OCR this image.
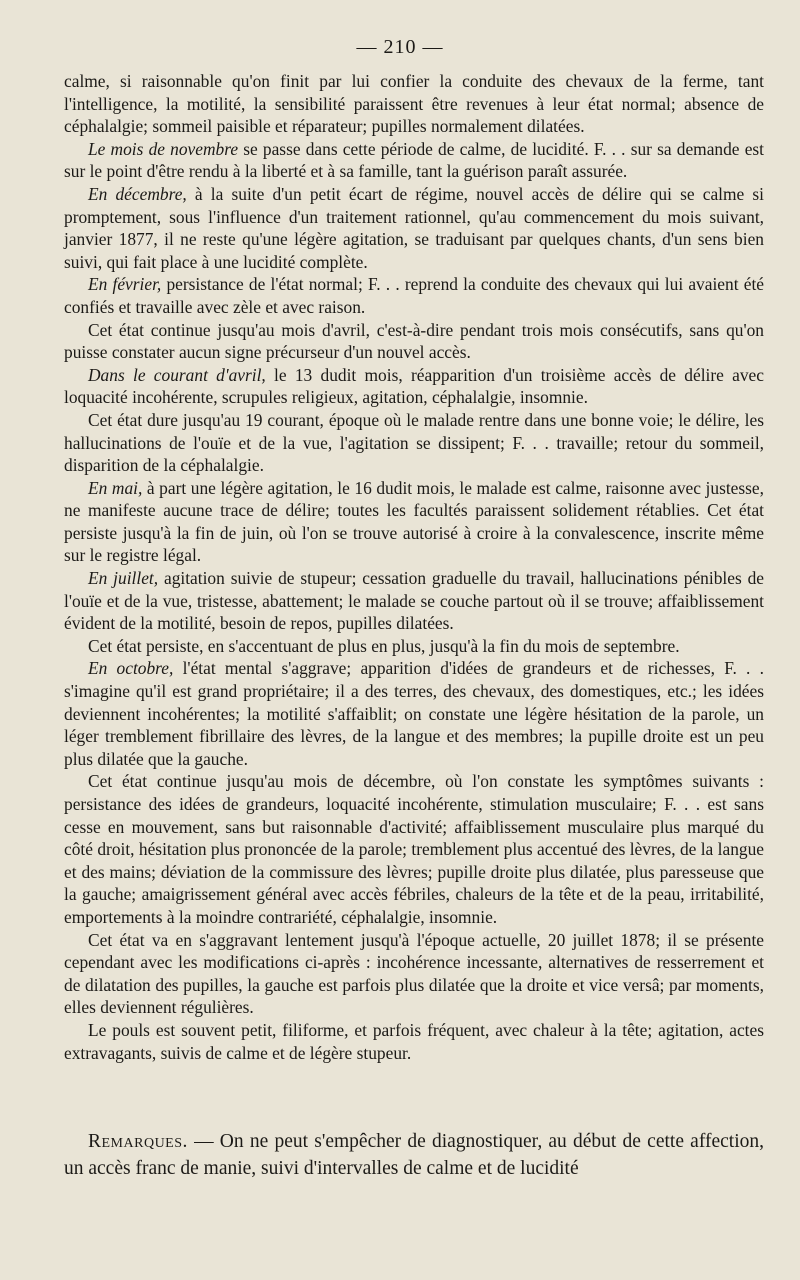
— 210 —

calme, si raisonnable qu'on finit par lui confier la conduite des chevaux de la ferme, tant l'intelligence, la motilité, la sensibilité paraissent être revenues à leur état normal; absence de céphalalgie; sommeil paisible et réparateur; pupilles normalement dilatées.

Le mois de novembre se passe dans cette période de calme, de lucidité. F. . . sur sa demande est sur le point d'être rendu à la liberté et à sa famille, tant la guérison paraît assurée.

En décembre, à la suite d'un petit écart de régime, nouvel accès de délire qui se calme si promptement, sous l'influence d'un traitement rationnel, qu'au commencement du mois suivant, janvier 1877, il ne reste qu'une légère agitation, se traduisant par quelques chants, d'un sens bien suivi, qui fait place à une lucidité complète.

En février, persistance de l'état normal; F. . . reprend la conduite des chevaux qui lui avaient été confiés et travaille avec zèle et avec raison.

Cet état continue jusqu'au mois d'avril, c'est-à-dire pendant trois mois consécutifs, sans qu'on puisse constater aucun signe précurseur d'un nouvel accès.

Dans le courant d'avril, le 13 dudit mois, réapparition d'un troisième accès de délire avec loquacité incohérente, scrupules religieux, agitation, céphalalgie, insomnie.

Cet état dure jusqu'au 19 courant, époque où le malade rentre dans une bonne voie; le délire, les hallucinations de l'ouïe et de la vue, l'agitation se dissipent; F. . . travaille; retour du sommeil, disparition de la céphalalgie.

En mai, à part une légère agitation, le 16 dudit mois, le malade est calme, raisonne avec justesse, ne manifeste aucune trace de délire; toutes les facultés paraissent solidement rétablies. Cet état persiste jusqu'à la fin de juin, où l'on se trouve autorisé à croire à la convalescence, inscrite même sur le registre légal.

En juillet, agitation suivie de stupeur; cessation graduelle du travail, hallucinations pénibles de l'ouïe et de la vue, tristesse, abattement; le malade se couche partout où il se trouve; affaiblissement évident de la motilité, besoin de repos, pupilles dilatées.

Cet état persiste, en s'accentuant de plus en plus, jusqu'à la fin du mois de septembre.

En octobre, l'état mental s'aggrave; apparition d'idées de grandeurs et de richesses, F. . . s'imagine qu'il est grand propriétaire; il a des terres, des chevaux, des domestiques, etc.; les idées deviennent incohérentes; la motilité s'affaiblit; on constate une légère hésitation de la parole, un léger tremblement fibrillaire des lèvres, de la langue et des membres; la pupille droite est un peu plus dilatée que la gauche.

Cet état continue jusqu'au mois de décembre, où l'on constate les symptômes suivants : persistance des idées de grandeurs, loquacité incohérente, stimulation musculaire; F. . . est sans cesse en mouvement, sans but raisonnable d'activité; affaiblissement musculaire plus marqué du côté droit, hésitation plus prononcée de la parole; tremblement plus accentué des lèvres, de la langue et des mains; déviation de la commissure des lèvres; pupille droite plus dilatée, plus paresseuse que la gauche; amaigrissement général avec accès fébriles, chaleurs de la tête et de la peau, irritabilité, emportements à la moindre contrariété, céphalalgie, insomnie.

Cet état va en s'aggravant lentement jusqu'à l'époque actuelle, 20 juillet 1878; il se présente cependant avec les modifications ci-après : incohérence incessante, alternatives de resserrement et de dilatation des pupilles, la gauche est parfois plus dilatée que la droite et vice versâ; par moments, elles deviennent régulières.

Le pouls est souvent petit, filiforme, et parfois fréquent, avec chaleur à la tête; agitation, actes extravagants, suivis de calme et de légère stupeur.

Remarques. — On ne peut s'empêcher de diagnostiquer, au début de cette affection, un accès franc de manie, suivi d'intervalles de calme et de lucidité
